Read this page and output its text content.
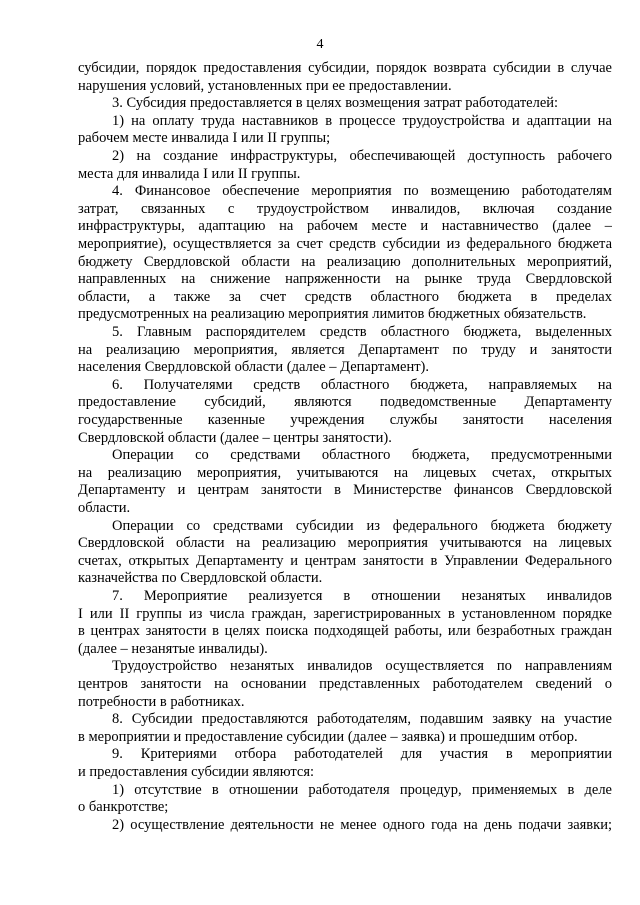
4
субсидии, порядок предоставления субсидии, порядок возврата субсидии в случае
нарушения условий, установленных при ее предоставлении.
3. Субсидия предоставляется в целях возмещения затрат работодателей:
1) на оплату труда наставников в процессе трудоустройства и адаптации на
рабочем месте инвалида I или II группы;
2) на создание инфраструктуры, обеспечивающей доступность рабочего
места для инвалида I или II группы.
4. Финансовое обеспечение мероприятия по возмещению работодателям
затрат, связанных с трудоустройством инвалидов, включая создание
инфраструктуры, адаптацию на рабочем месте и наставничество (далее –
мероприятие), осуществляется за счет средств субсидии из федерального бюджета
бюджету Свердловской области на реализацию дополнительных мероприятий,
направленных на снижение напряженности на рынке труда Свердловской
области, а также за счет средств областного бюджета в пределах
предусмотренных на реализацию мероприятия лимитов бюджетных обязательств.
5. Главным распорядителем средств областного бюджета, выделенных
на реализацию мероприятия, является Департамент по труду и занятости
населения Свердловской области (далее – Департамент).
6. Получателями средств областного бюджета, направляемых на
предоставление субсидий, являются подведомственные Департаменту
государственные казенные учреждения службы занятости населения
Свердловской области (далее – центры занятости).
Операции со средствами областного бюджета, предусмотренными
на реализацию мероприятия, учитываются на лицевых счетах, открытых
Департаменту и центрам занятости в Министерстве финансов Свердловской
области.
Операции со средствами субсидии из федерального бюджета бюджету
Свердловской области на реализацию мероприятия учитываются на лицевых
счетах, открытых Департаменту и центрам занятости в Управлении Федерального
казначейства по Свердловской области.
7. Мероприятие реализуется в отношении незанятых инвалидов
I или II группы из числа граждан, зарегистрированных в установленном порядке
в центрах занятости в целях поиска подходящей работы, или безработных граждан
(далее – незанятые инвалиды).
Трудоустройство незанятых инвалидов осуществляется по направлениям
центров занятости на основании представленных работодателем сведений о
потребности в работниках.
8. Субсидии предоставляются работодателям, подавшим заявку на участие
в мероприятии и предоставление субсидии (далее – заявка) и прошедшим отбор.
9. Критериями отбора работодателей для участия в мероприятии
и предоставления субсидии являются:
1) отсутствие в отношении работодателя процедур, применяемых в деле
о банкротстве;
2) осуществление деятельности не менее одного года на день подачи заявки;
